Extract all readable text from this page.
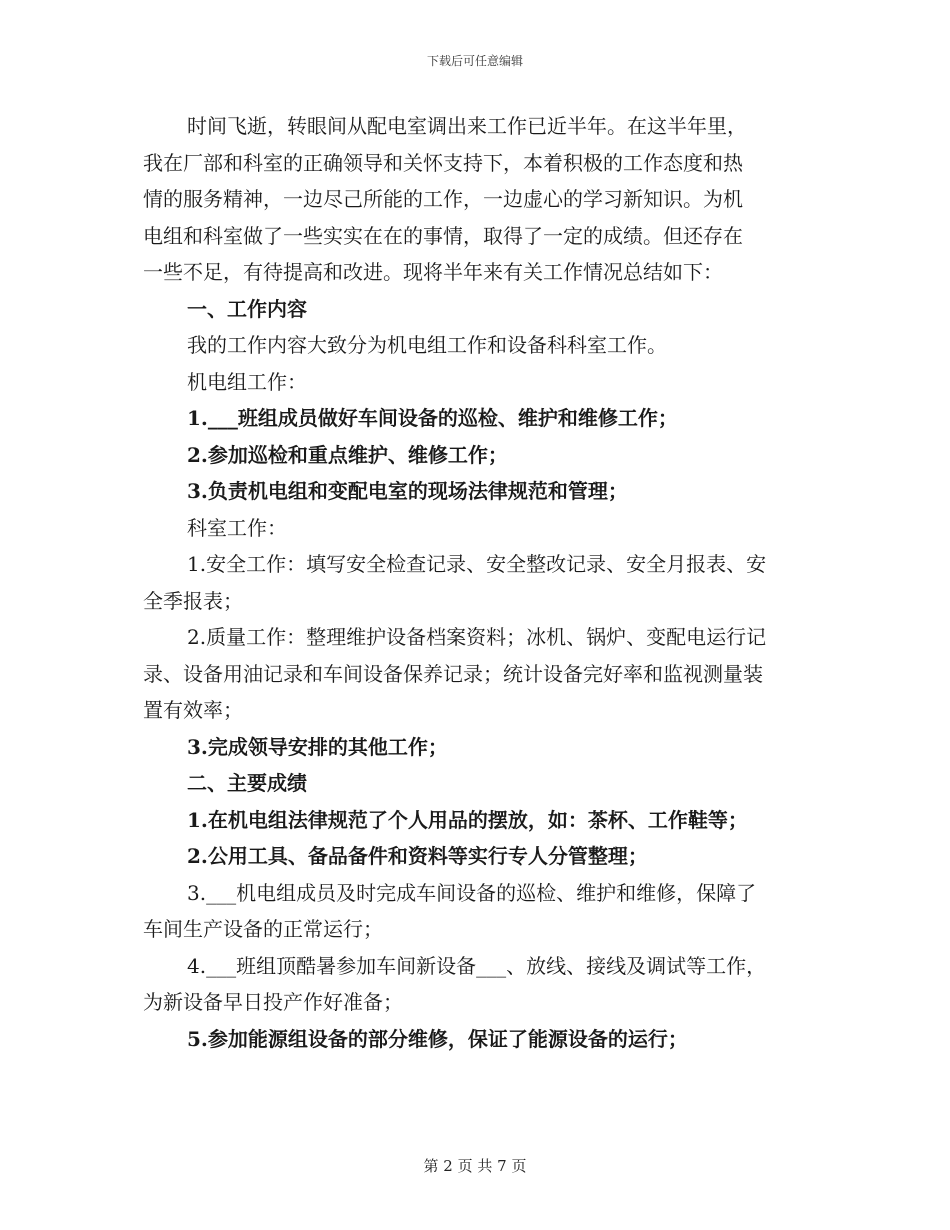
下载后可任意编辑
时间飞逝，转眼间从配电室调出来工作已近半年。在这半年里，
我在厂部和科室的正确领导和关怀支持下，本着积极的工作态度和热
情的服务精神，一边尽己所能的工作，一边虚心的学习新知识。为机
电组和科室做了一些实实在在的事情，取得了一定的成绩。但还存在
一些不足，有待提高和改进。现将半年来有关工作情况总结如下：
一、工作内容
我的工作内容大致分为机电组工作和设备科科室工作。
机电组工作：
1.___班组成员做好车间设备的巡检、维护和维修工作；
2.参加巡检和重点维护、维修工作；
3.负责机电组和变配电室的现场法律规范和管理；
科室工作：
1.安全工作：填写安全检查记录、安全整改记录、安全月报表、安
全季报表；
2.质量工作：整理维护设备档案资料；冰机、锅炉、变配电运行记
录、设备用油记录和车间设备保养记录；统计设备完好率和监视测量装
置有效率；
3.完成领导安排的其他工作；
二、主要成绩
1.在机电组法律规范了个人用品的摆放，如：茶杯、工作鞋等；
2.公用工具、备品备件和资料等实行专人分管整理；
3.___机电组成员及时完成车间设备的巡检、维护和维修，保障了
车间生产设备的正常运行；
4.___班组顶酷暑参加车间新设备___、放线、接线及调试等工作，
为新设备早日投产作好准备；
5.参加能源组设备的部分维修，保证了能源设备的运行；
第 2 页 共 7 页
